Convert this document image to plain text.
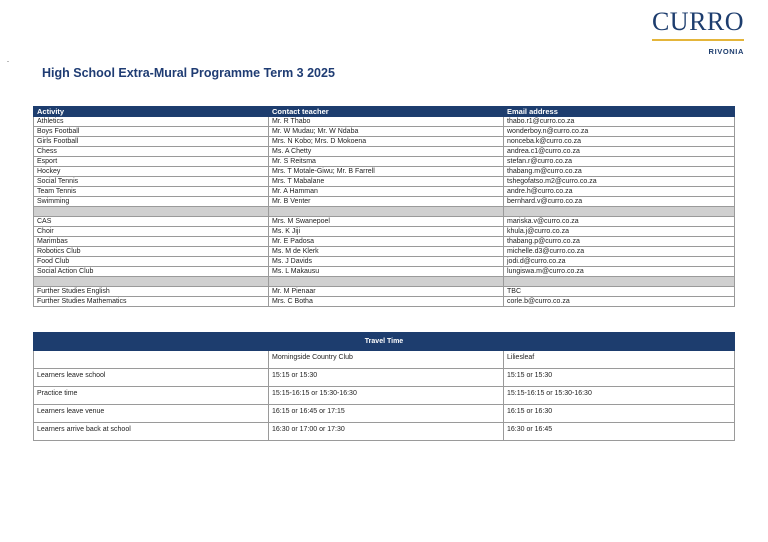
CURRO
RIVONIA
High School Extra-Mural Programme Term 3 2025
Activity	Contact teacher	Email address
Athletics	Mr. R Thabo	thabo.r1@curro.co.za
Boys Football	Mr. W Mudau; Mr. W Ndaba	wonderboy.n@curro.co.za
Girls Football	Mrs. N Kobo; Mrs. D Mokoena	nonceba.k@curro.co.za
Chess	Ms. A Chetty	andrea.c1@curro.co.za
Esport	Mr. S Reitsma	stefan.r@curro.co.za
Hockey	Mrs. T Motale-Giwu; Mr. B Farrell	thabang.m@curro.co.za
Social Tennis	Mrs. T Mabalane	tshegofatso.m2@curro.co.za
Team Tennis	Mr. A Hamman	andre.h@curro.co.za
Swimming	Mr. B Venter	bernhard.v@curro.co.za

CAS	Mrs. M Swanepoel	mariska.v@curro.co.za
Choir	Ms. K Jiji	khula.j@curro.co.za
Marimbas	Mr. E Padosa	thabang.p@curro.co.za
Robotics Club	Ms. M de Klerk	michelle.d3@curro.co.za
Food Club	Ms. J Davids	jodi.d@curro.co.za
Social Action Club	Ms. L Makausu	lungiswa.m@curro.co.za

Further Studies English	Mr. M Pienaar	TBC
Further Studies Mathematics	Mrs. C Botha	corle.b@curro.co.za
Travel Time		
	Morningside Country Club	Liliesleaf
Learners leave school	15:15 or 15:30	15:15 or 15:30
Practice time	15:15-16:15 or 15:30-16:30	15:15-16:15 or 15:30-16:30
Learners leave venue	16:15 or 16:45 or 17:15	16:15 or 16:30
Learners arrive back at school	16:30 or 17:00 or 17:30	16:30 or 16:45
